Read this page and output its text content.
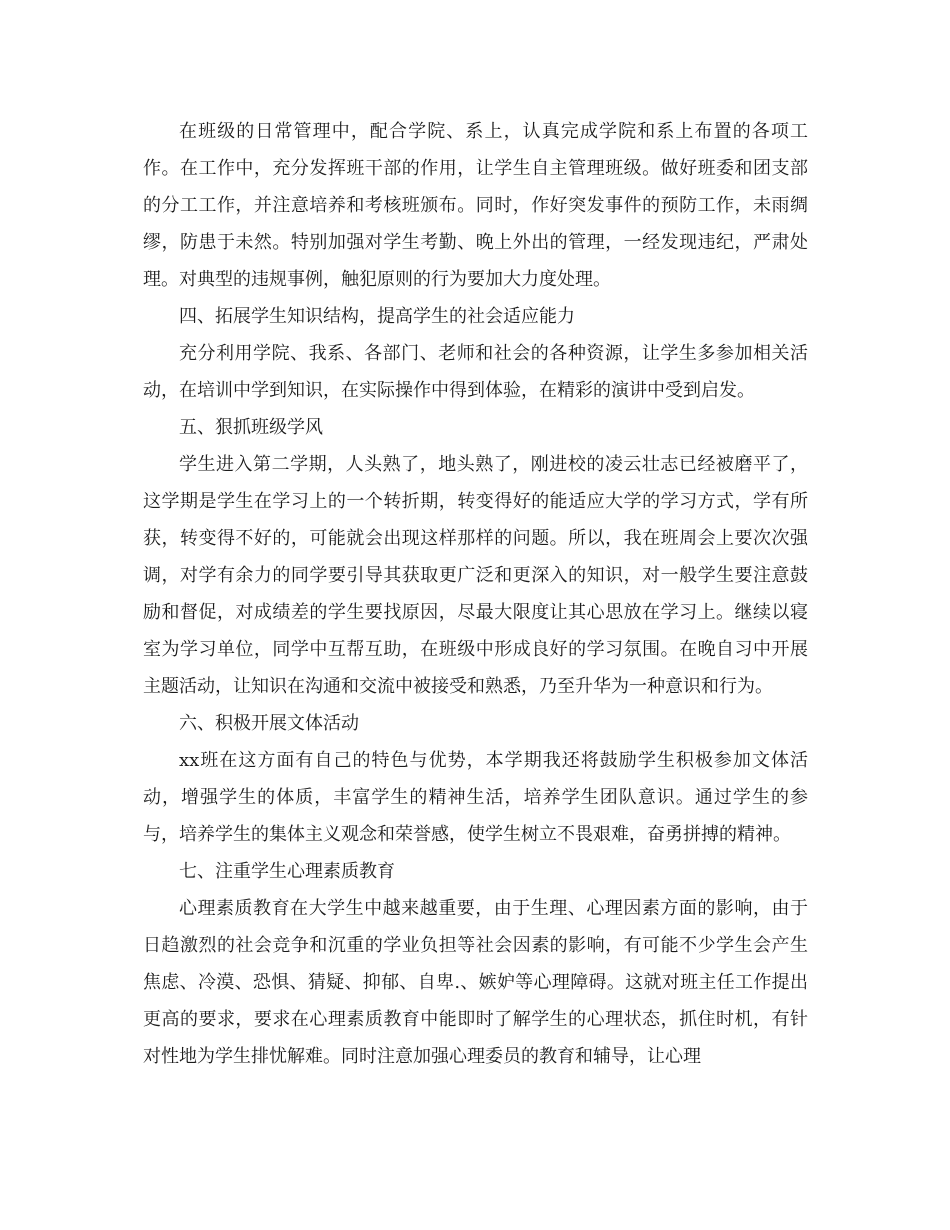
在班级的日常管理中，配合学院、系上，认真完成学院和系上布置的各项工作。在工作中，充分发挥班干部的作用，让学生自主管理班级。做好班委和团支部的分工工作，并注意培养和考核班颁布。同时，作好突发事件的预防工作，未雨绸缪，防患于未然。特别加强对学生考勤、晚上外出的管理，一经发现违纪，严肃处理。对典型的违规事例，触犯原则的行为要加大力度处理。

四、拓展学生知识结构，提高学生的社会适应能力

充分利用学院、我系、各部门、老师和社会的各种资源，让学生多参加相关活动，在培训中学到知识，在实际操作中得到体验，在精彩的演讲中受到启发。

五、狠抓班级学风

学生进入第二学期，人头熟了，地头熟了，刚进校的凌云壮志已经被磨平了，这学期是学生在学习上的一个转折期，转变得好的能适应大学的学习方式，学有所获，转变得不好的，可能就会出现这样那样的问题。所以，我在班周会上要次次强调，对学有余力的同学要引导其获取更广泛和更深入的知识，对一般学生要注意鼓励和督促，对成绩差的学生要找原因，尽最大限度让其心思放在学习上。继续以寝室为学习单位，同学中互帮互助，在班级中形成良好的学习氛围。在晚自习中开展主题活动，让知识在沟通和交流中被接受和熟悉，乃至升华为一种意识和行为。

六、积极开展文体活动

xx班在这方面有自己的特色与优势，本学期我还将鼓励学生积极参加文体活动，增强学生的体质，丰富学生的精神生活，培养学生团队意识。通过学生的参与，培养学生的集体主义观念和荣誉感，使学生树立不畏艰难，奋勇拼搏的精神。

七、注重学生心理素质教育

心理素质教育在大学生中越来越重要，由于生理、心理因素方面的影响，由于日趋激烈的社会竞争和沉重的学业负担等社会因素的影响，有可能不少学生会产生焦虑、冷漠、恐惧、猜疑、抑郁、自卑.、嫉妒等心理障碍。这就对班主任工作提出更高的要求，要求在心理素质教育中能即时了解学生的心理状态，抓住时机，有针对性地为学生排忧解难。同时注意加强心理委员的教育和辅导，让心理
